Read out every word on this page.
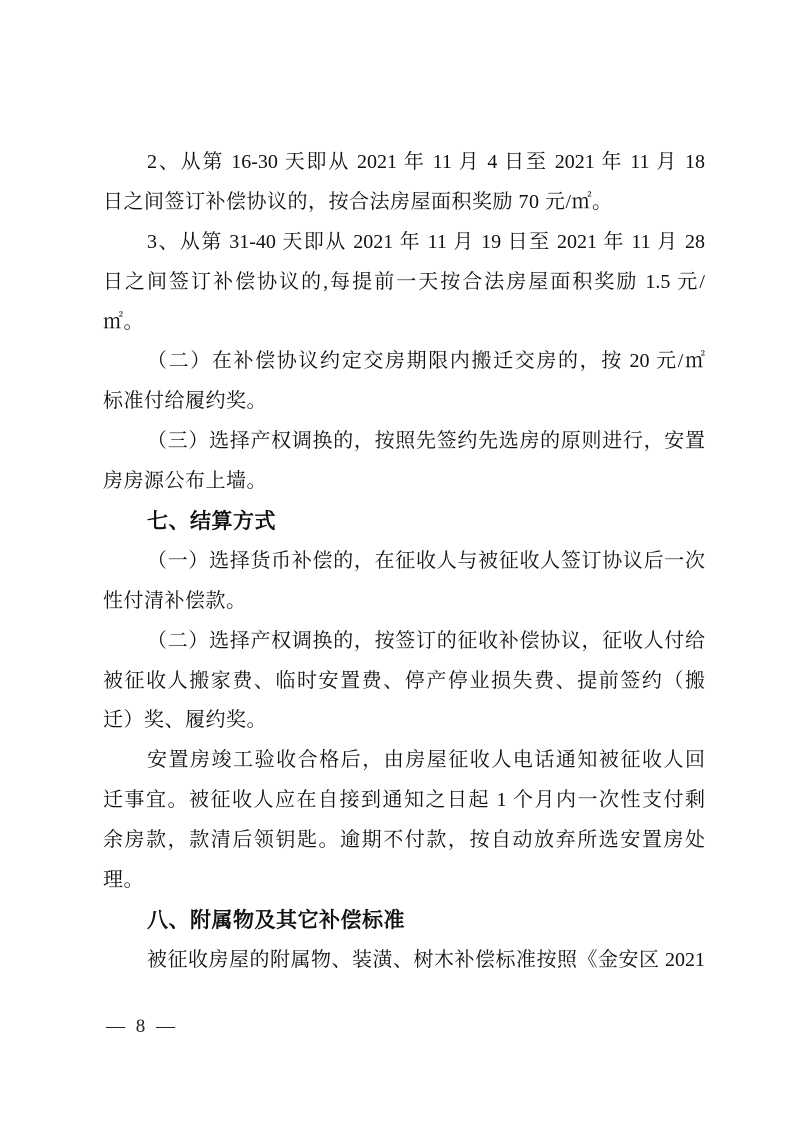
2、从第 16-30 天即从 2021 年 11 月 4 日至 2021 年 11 月 18
日之间签订补偿协议的，按合法房屋面积奖励 70 元/㎡。
3、从第 31-40 天即从 2021 年 11 月 19 日至 2021 年 11 月 28
日之间签订补偿协议的,每提前一天按合法房屋面积奖励 1.5 元/
㎡。
（二）在补偿协议约定交房期限内搬迁交房的，按 20 元/㎡
标准付给履约奖。
（三）选择产权调换的，按照先签约先选房的原则进行，安置
房房源公布上墙。
七、结算方式
（一）选择货币补偿的，在征收人与被征收人签订协议后一次
性付清补偿款。
（二）选择产权调换的，按签订的征收补偿协议，征收人付给
被征收人搬家费、临时安置费、停产停业损失费、提前签约（搬
迁）奖、履约奖。
安置房竣工验收合格后，由房屋征收人电话通知被征收人回
迁事宜。被征收人应在自接到通知之日起 1 个月内一次性支付剩
余房款，款清后领钥匙。逾期不付款，按自动放弃所选安置房处
理。
八、附属物及其它补偿标准
被征收房屋的附属物、装潢、树木补偿标准按照《金安区 2021
— 8 —
